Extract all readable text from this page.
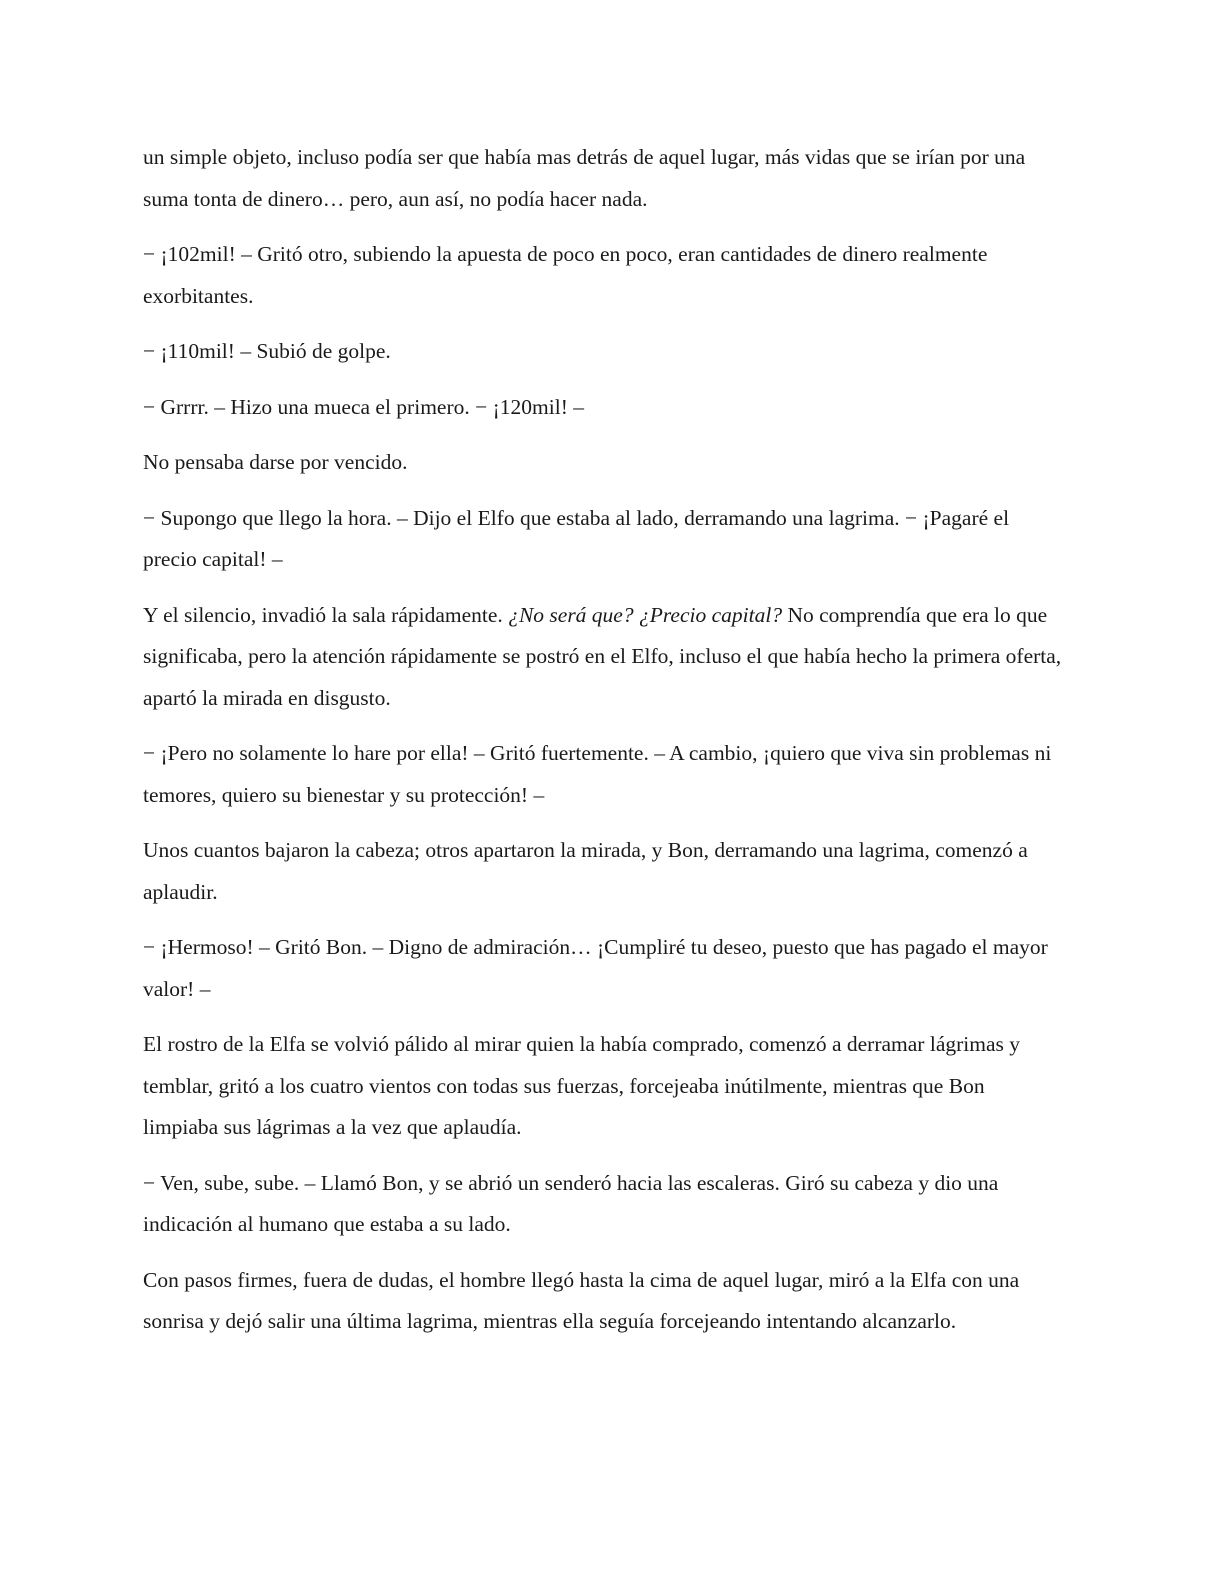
un simple objeto, incluso podía ser que había mas detrás de aquel lugar, más vidas que se irían por una suma tonta de dinero… pero, aun así, no podía hacer nada.

− ¡102mil! – Gritó otro, subiendo la apuesta de poco en poco, eran cantidades de dinero realmente exorbitantes.

− ¡110mil! – Subió de golpe.

− Grrrr. – Hizo una mueca el primero. − ¡120mil! –

No pensaba darse por vencido.

− Supongo que llego la hora. – Dijo el Elfo que estaba al lado, derramando una lagrima. − ¡Pagaré el precio capital! –

Y el silencio, invadió la sala rápidamente. ¿No será que? ¿Precio capital? No comprendía que era lo que significaba, pero la atención rápidamente se postró en el Elfo, incluso el que había hecho la primera oferta, apartó la mirada en disgusto.

− ¡Pero no solamente lo hare por ella! – Gritó fuertemente. – A cambio, ¡quiero que viva sin problemas ni temores, quiero su bienestar y su protección! –

Unos cuantos bajaron la cabeza; otros apartaron la mirada, y Bon, derramando una lagrima, comenzó a aplaudir.

− ¡Hermoso! – Gritó Bon. – Digno de admiración… ¡Cumpliré tu deseo, puesto que has pagado el mayor valor! –

El rostro de la Elfa se volvió pálido al mirar quien la había comprado, comenzó a derramar lágrimas y temblar, gritó a los cuatro vientos con todas sus fuerzas, forcejeaba inútilmente, mientras que Bon limpiaba sus lágrimas a la vez que aplaudía.

− Ven, sube, sube. – Llamó Bon, y se abrió un senderó hacia las escaleras. Giró su cabeza y dio una indicación al humano que estaba a su lado.

Con pasos firmes, fuera de dudas, el hombre llegó hasta la cima de aquel lugar, miró a la Elfa con una sonrisa y dejó salir una última lagrima, mientras ella seguía forcejeando intentando alcanzarlo.
